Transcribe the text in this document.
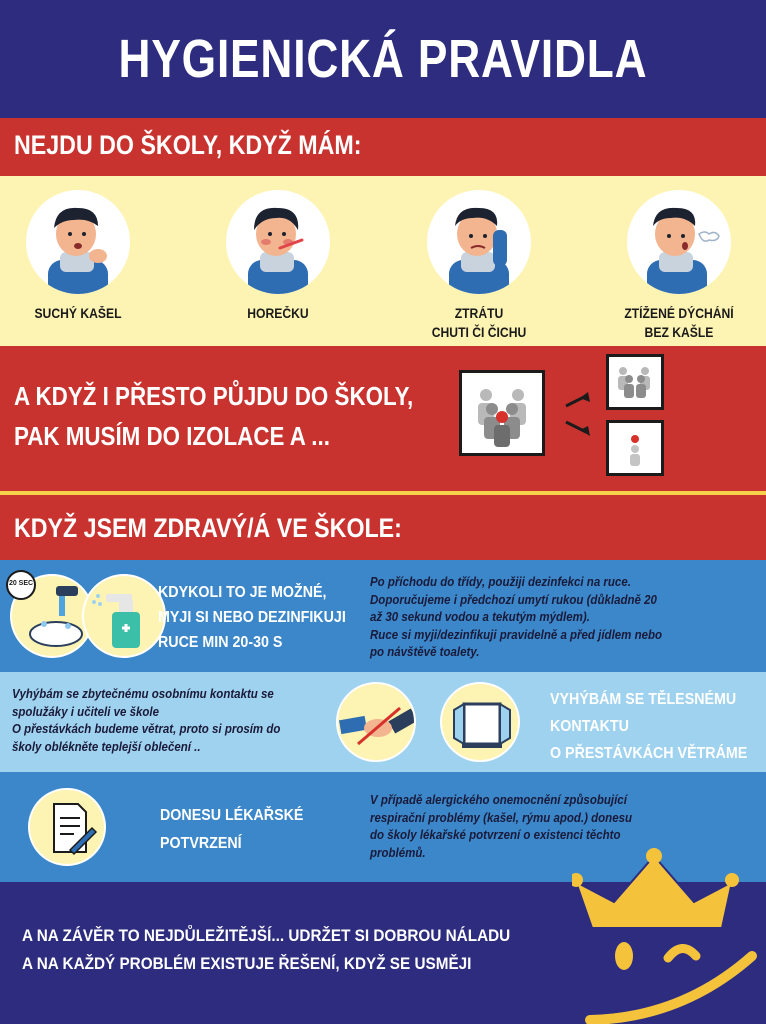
HYGIENICKÁ PRAVIDLA
NEJDU DO ŠKOLY, KDYŽ MÁM:
SUCHÝ KAŠEL	HOREČKU	ZTRÁTU
CHUTI ČI ČICHU
ZTÍŽENÉ DÝCHÁNÍ
BEZ KAŠLE
A KDYŽ I PŘESTO PŮJDU DO ŠKOLY,
PAK MUSÍM DO IZOLACE A ...
KDYŽ JSEM ZDRAVÝ/Á VE ŠKOLE:
20 SEC
KDYKOLI TO JE MOŽNÉ,
MYJI SI NEBO DEZINFIKUJI
RUCE MIN 20-30 S
Po příchodu do třídy, použiji dezinfekci na ruce.
Doporučujeme i předchozí umytí rukou (důkladně 20
až 30 sekund vodou a tekutým mýdlem).
Ruce si myji/dezinfikuji pravidelně a před jídlem nebo
po návštěvě toalety.
Vyhýbám se zbytečnému osobnímu kontaktu se
spolužáky i učiteli ve škole
O přestávkách budeme větrat, proto si prosím do
školy oblékněte teplejší oblečení ..
VYHÝBÁM SE TĚLESNÉMU
KONTAKTU
O PŘESTÁVKÁCH VĚTRÁME
DONESU LÉKAŘSKÉ
POTVRZENÍ
V případě alergického onemocnění způsobující
respirační problémy (kašel, rýmu apod.) donesu
do školy lékařské potvrzení o existenci těchto
problémů.
A NA ZÁVĚR TO NEJDŮLEŽITĚJŠÍ... UDRŽET SI DOBROU NÁLADU
A NA KAŽDÝ PROBLÉM EXISTUJE ŘEŠENÍ, KDYŽ SE USMĚJI
